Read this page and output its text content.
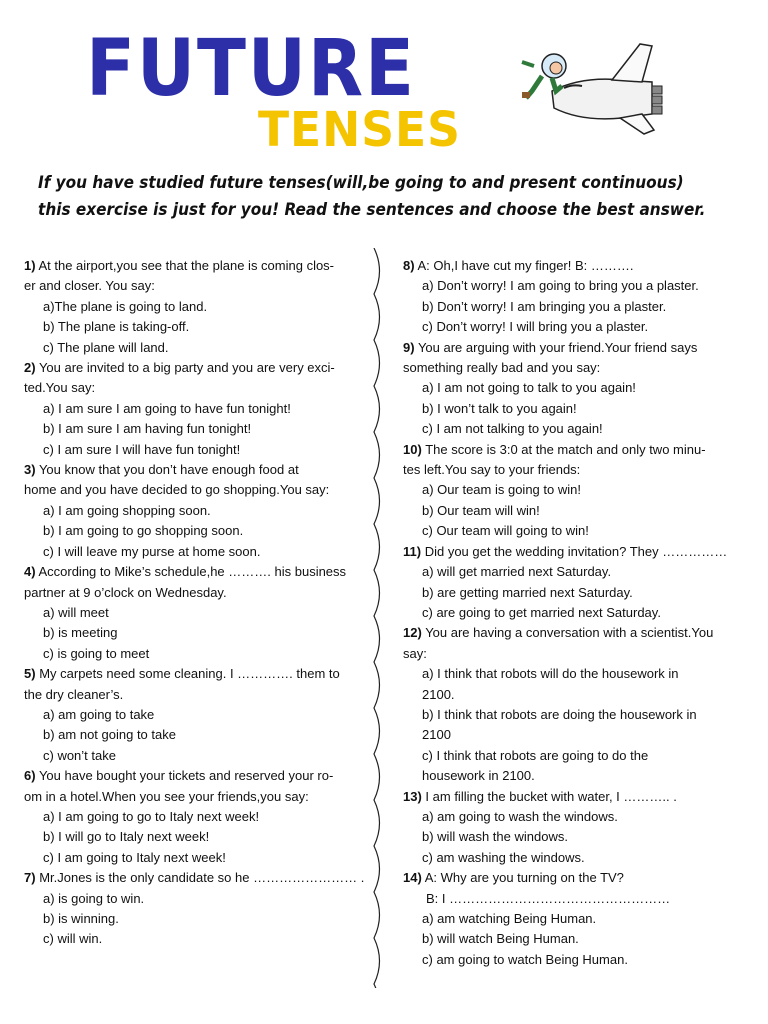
FUTURE
TENSES
If you have studied future tenses(will,be going to and present continuous)
this exercise is just for you! Read the sentences and choose the best answer.
1) At the airport,you see that the plane is coming clos-
er and closer. You say:
a)The plane is going to land.
b) The plane is taking-off.
c) The plane will land.
2) You are invited to a big party and you are very exci-
ted.You say:
a) I am sure I am going to have fun tonight!
b) I am sure I am having fun tonight!
c) I am sure I will have fun tonight!
3) You know that you don’t have enough food at
home and you have decided to go shopping.You say:
a) I am going shopping soon.
b) I am going to go shopping soon.
c) I will leave my purse at home soon.
4) According to Mike’s schedule,he ………. his business
partner at 9 o’clock on Wednesday.
a) will meet
b) is meeting
c) is going to meet
5) My carpets need some cleaning. I …………. them to
the dry cleaner’s.
a) am going to take
b) am not going to take
c) won’t take
6) You have bought your tickets and reserved your ro-
om in a hotel.When you see your friends,you say:
a) I am going to go to Italy next week!
b) I will go to Italy next week!
c) I am going to Italy next week!
7) Mr.Jones is the only candidate so he …………………… .
a) is going to win.
b) is winning.
c) will win.
8) A: Oh,I have cut my finger! B: ……….
a) Don’t worry! I am going to bring you a plaster.
b) Don’t worry! I am bringing you a plaster.
c) Don’t worry! I will bring you a plaster.
9) You are arguing with your friend.Your friend says
something really bad and you say:
a) I am not going to talk to you again!
b) I won’t talk to you again!
c) I am not talking to you again!
10) The score is 3:0 at the match and only two minu-
tes left.You say to your friends:
a) Our team is going to win!
b) Our team will win!
c) Our team will going to win!
11) Did you get the wedding invitation? They ……………
a) will get married next Saturday.
b) are getting married next Saturday.
c) are going to get married next Saturday.
12) You are having a conversation with a scientist.You
say:
a) I think that robots will do the housework in
2100.
b) I think that robots are doing the housework in
2100
c) I think that robots are going to do the
housework in 2100.
13) I am filling the bucket with water, I ……….. .
a) am going to wash the windows.
b) will wash the windows.
c) am washing the windows.
14) A: Why are you turning on the TV?
B: I ……………………………………………
a) am watching Being Human.
b) will watch Being Human.
c) am going to watch Being Human.
